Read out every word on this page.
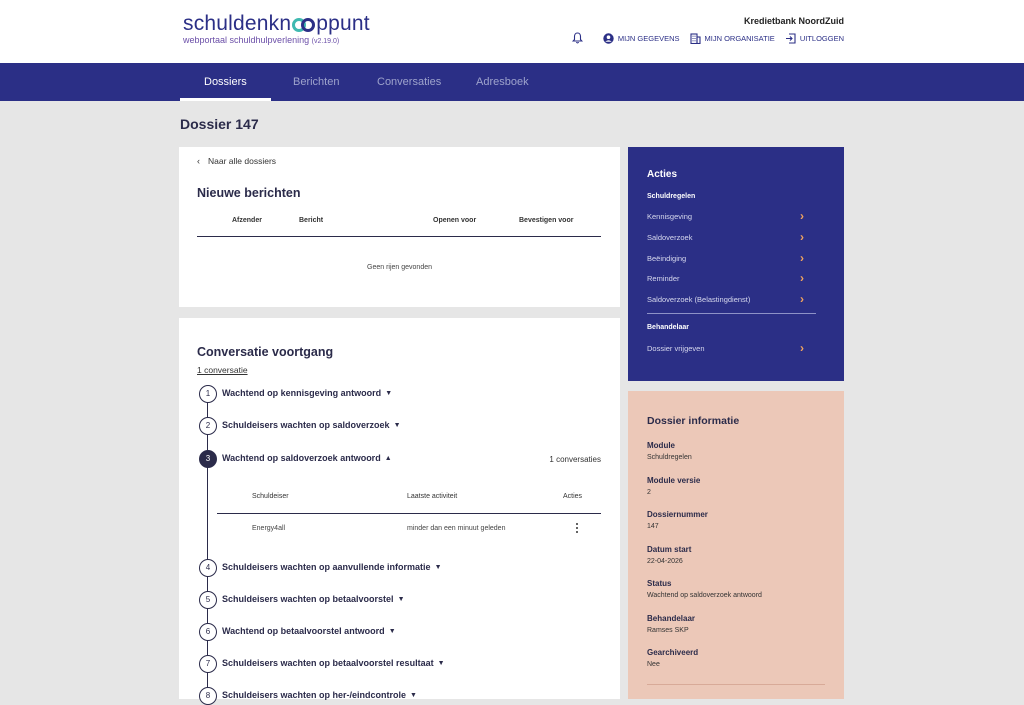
schuldenkn ppunt
webportaal schuldhulpverlening (v2.19.0)
Kredietbank NoordZuid
MIJN GEGEVENS	MIJN ORGANISATIE	UITLOGGEN
Dossiers	Berichten	Conversaties	Adresboek
Dossier 147
‹ Naar alle dossiers
Nieuwe berichten
Afzender	Bericht	Openen voor	Bevestigen voor
Geen rijen gevonden
Conversatie voortgang
1 conversatie
1	Wachtend op kennisgeving antwoord ▼
2	Schuldeisers wachten op saldoverzoek ▼
3	Wachtend op saldoverzoek antwoord ▲	1 conversaties
Schuldeiser	Laatste activiteit	Acties
Energy4all	minder dan een minuut geleden
4	Schuldeisers wachten op aanvullende informatie ▼
5	Schuldeisers wachten op betaalvoorstel ▼
6	Wachtend op betaalvoorstel antwoord ▼
7	Schuldeisers wachten op betaalvoorstel resultaat ▼
8	Schuldeisers wachten op her-/eindcontrole ▼
Acties
Schuldregelen
Kennisgeving	›
Saldoverzoek	›
Beëindiging	›
Reminder	›
Saldoverzoek (Belastingdienst)	›
Behandelaar
Dossier vrijgeven	›
Dossier informatie
Module
Schuldregelen
Module versie
2
Dossiernummer
147
Datum start
22-04-2026
Status
Wachtend op saldoverzoek antwoord
Behandelaar
Ramses SKP
Gearchiveerd
Nee
